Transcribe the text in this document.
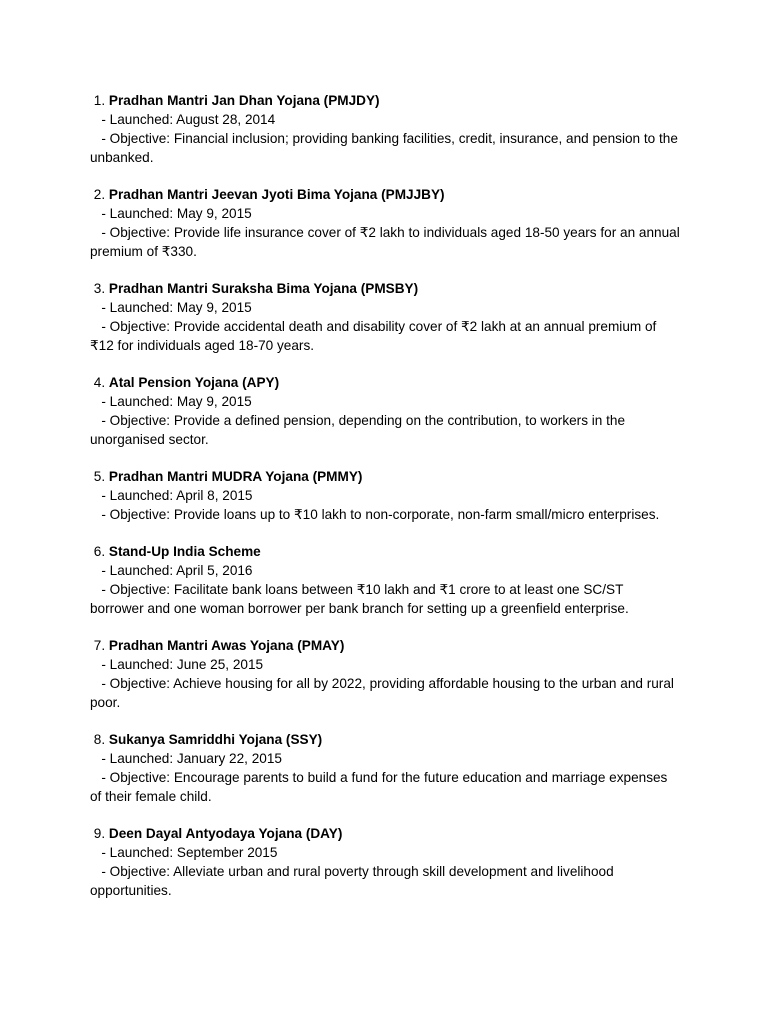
1. Pradhan Mantri Jan Dhan Yojana (PMJDY)
- Launched: August 28, 2014
- Objective: Financial inclusion; providing banking facilities, credit, insurance, and pension to the unbanked.
2. Pradhan Mantri Jeevan Jyoti Bima Yojana (PMJJBY)
- Launched: May 9, 2015
- Objective: Provide life insurance cover of ₹2 lakh to individuals aged 18-50 years for an annual premium of ₹330.
3. Pradhan Mantri Suraksha Bima Yojana (PMSBY)
- Launched: May 9, 2015
- Objective: Provide accidental death and disability cover of ₹2 lakh at an annual premium of ₹12 for individuals aged 18-70 years.
4. Atal Pension Yojana (APY)
- Launched: May 9, 2015
- Objective: Provide a defined pension, depending on the contribution, to workers in the unorganised sector.
5. Pradhan Mantri MUDRA Yojana (PMMY)
- Launched: April 8, 2015
- Objective: Provide loans up to ₹10 lakh to non-corporate, non-farm small/micro enterprises.
6. Stand-Up India Scheme
- Launched: April 5, 2016
- Objective: Facilitate bank loans between ₹10 lakh and ₹1 crore to at least one SC/ST borrower and one woman borrower per bank branch for setting up a greenfield enterprise.
7. Pradhan Mantri Awas Yojana (PMAY)
- Launched: June 25, 2015
- Objective: Achieve housing for all by 2022, providing affordable housing to the urban and rural poor.
8. Sukanya Samriddhi Yojana (SSY)
- Launched: January 22, 2015
- Objective: Encourage parents to build a fund for the future education and marriage expenses of their female child.
9. Deen Dayal Antyodaya Yojana (DAY)
- Launched: September 2015
- Objective: Alleviate urban and rural poverty through skill development and livelihood opportunities.
